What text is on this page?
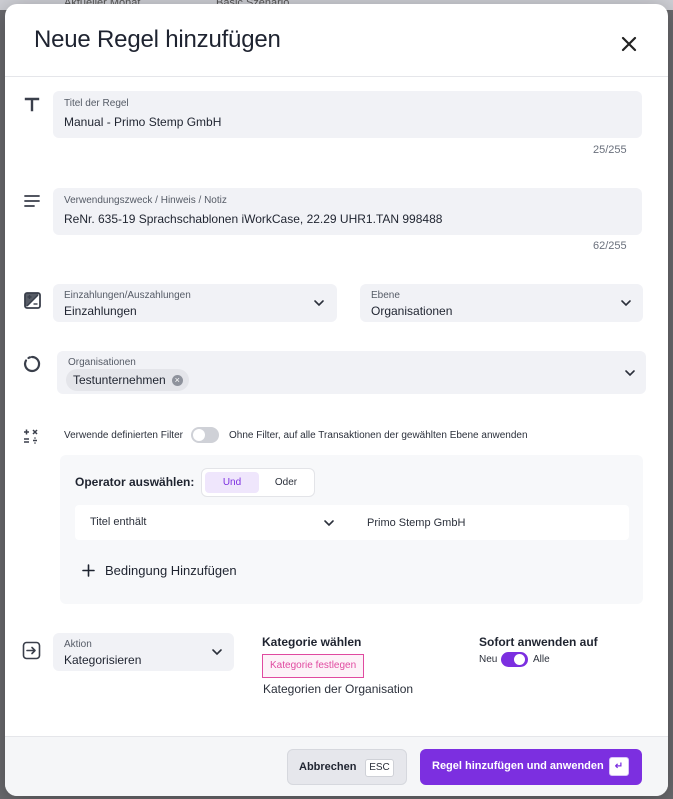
Neue Regel hinzufügen
Titel der Regel
Manual - Primo Stemp GmbH
25/255
Verwendungszweck / Hinweis / Notiz
ReNr. 635-19 Sprachschablonen iWorkCase, 22.29 UHR1.TAN 998488
62/255
Einzahlungen/Auszahlungen
Einzahlungen
Ebene
Organisationen
Organisationen
Testunternehmen ×
Verwende definierten Filter	Ohne Filter, auf alle Transaktionen der gewählten Ebene anwenden
Operator auswählen:	Und	Oder
Titel enthält	Primo Stemp GmbH
Bedingung Hinzufügen
Aktion
Kategorisieren
Kategorie wählen
Kategorie festlegen
Kategorien der Organisation
Sofort anwenden auf
Neu	Alle
Abbrechen	ESC	Regel hinzufügen und anwenden	↵
